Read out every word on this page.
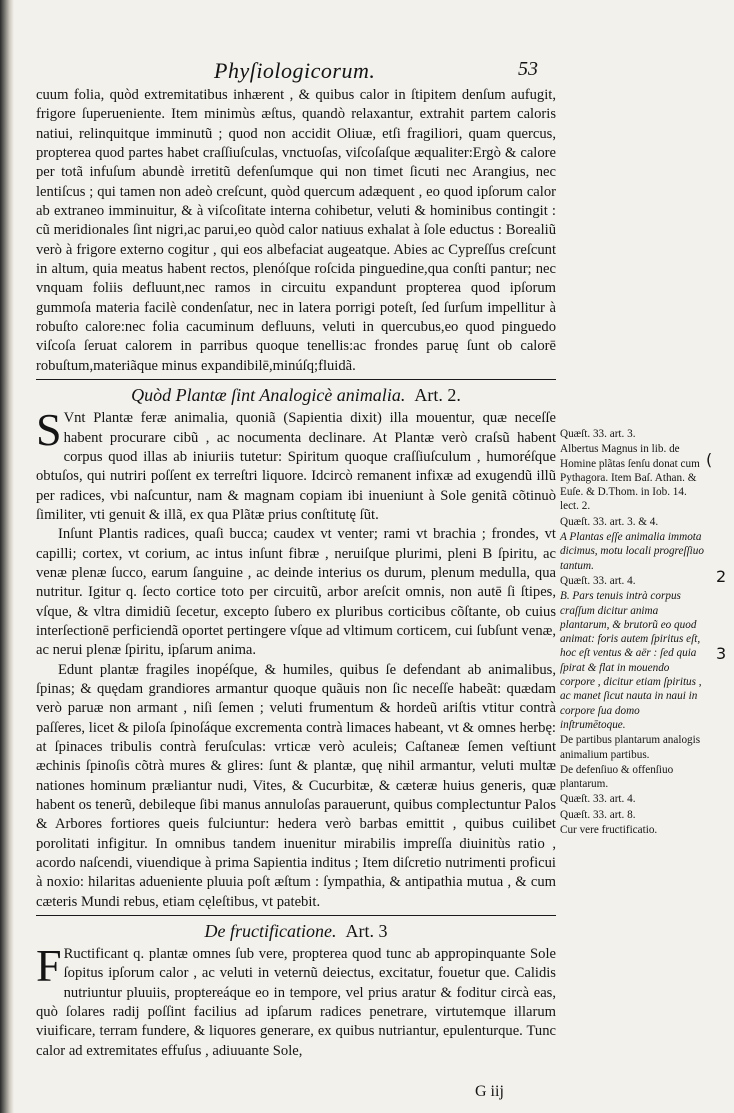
Phyſiologicorum.	53

cuum folia, quòd extremitatibus inhærent , & quibus calor in ſtipitem denſum aufugit, frigore ſuperueniente. Item minimùs æſtus, quandò relaxantur, extrahit partem caloris natiui, relinquitque imminutũ ; quod non accidit Oliuæ, etſi fragiliori, quam quercus, propterea quod partes habet craſſiuſculas, vnctuoſas, viſcoſaſque æqualiter:Ergò & calore per totã infuſum abundè irretitũ defenſumque qui non timet ſicuti nec Arangius, nec lentiſcus ; qui tamen non adeò creſcunt, quòd quercum adæquent , eo quod ipſorum calor ab extraneo imminuitur, & à viſcoſitate interna cohibetur, veluti & hominibus contingit : cũ meridionales ſint nigri,ac parui,eo quòd calor natiuus exhalat à ſole eductus : Borealiũ verò à frigore externo cogitur , qui eos albefaciat augeatque. Abies ac Cypreſſus creſcunt in altum, quia meatus habent rectos, plenóſque roſcida pinguedine,qua conſti pantur; nec vnquam foliis defluunt,nec ramos in circuitu expandunt propterea quod ipſorum gummoſa materia facilè condenſatur, nec in latera porrigi poteſt, ſed ſurſum impellitur à robuſto calore:nec folia cacuminum defluuns, veluti in quercubus,eo quod pinguedo viſcoſa ſeruat calorem in parribus quoque tenellis:ac frondes paruę ſunt ob calorē robuſtum,materiãque minus expandibilē,minúſq;fluidã.

Quòd Plantæ ſint Analogicè animalia. Art. 2.

S Vnt Plantæ feræ animalia, quoniã (Sapientia dixit) illa mouentur, quæ neceſſe habent procurare cibũ , ac nocumenta declinare. At Plantæ verò craſsũ habent corpus quod illas ab iniuriis tutetur: Spiritum quoque craſſiuſculum , humoréſque obtuſos, qui nutriri poſſent ex terreſtri liquore. Idcircò remanent infixæ ad exugendũ illũ per radices, vbi naſcuntur, nam & magnam copiam ibi inueniunt à Sole genitã cõtinuò ſimiliter, vti genuit & illã, ex qua Plãtæ prius conſtitutę ſũt.

Inſunt Plantis radices, quaſi bucca; caudex vt venter; rami vt brachia ; frondes, vt capilli; cortex, vt corium, ac intus inſunt fibræ , neruiſque plurimi, pleni B ſpiritu, ac venæ plenæ ſucco, earum ſanguine , ac deinde interius os durum, plenum medulla, qua nutritur. Igitur q. ſecto cortice toto per circuitũ, arbor areſcit omnis, non autē ſi ſtipes, vſque, & vltra dimidiũ ſecetur, excepto ſubero ex pluribus corticibus cõſtante, ob cuius interſectionē perficiendã oportet pertingere vſque ad vltimum corticem, cui ſubſunt venæ, ac nerui plenæ ſpiritu, ipſarum anima.

Edunt plantæ fragiles inopéſque, & humiles, quibus ſe defendant ab animalibus, ſpinas; & quędam grandiores armantur quoque quãuis non ſic neceſſe habeãt: quædam verò paruæ non armant , niſi ſemen ; veluti frumentum & hordeũ ariſtis vtitur contrà paſſeres, licet & piloſa ſpinoſáque excrementa contrà limaces habeant, vt & omnes herbę: at ſpinaces tribulis contrà feruſculas: vrticæ verò aculeis; Caſtaneæ ſemen veſtiunt æchinis ſpinoſis cõtrà mures & glires: ſunt & plantæ, quę nihil armantur, veluti multæ nationes hominum præliantur nudi, Vites, & Cucurbitæ, & cæteræ huius generis, quæ habent os tenerũ, debileque ſibi manus annuloſas parauerunt, quibus complectuntur Palos & Arbores fortiores queis fulciuntur: hedera verò barbas emittit , quibus cuilibet porolitati infigitur. In omnibus tandem inuenitur mirabilis impreſſa diuinitùs ratio , acordo naſcendi, viuendique à prima Sapientia inditus ; Item diſcretio nutrimenti proficui à noxio: hilaritas adueniente pluuia poſt æſtum : ſympathia, & antipathia mutua , & cum cæteris Mundi rebus, etiam cęleſtibus, vt patebit.

De fructificatione. Art. 3

F Ructificant q. plantæ omnes ſub vere, propterea quod tunc ab appropinquante Sole ſopitus ipſorum calor , ac veluti in veternũ deiectus, excitatur, fouetur que. Calidis nutriuntur pluuiis, proptereáque eo in tempore, vel prius aratur & foditur circà eas, quò ſolares radij poſſint facilius ad ipſarum radices penetrare, virtutemque illarum viuificare, terram fundere, & liquores generare, ex quibus nutriantur, epulenturque. Tunc calor ad extremitates effuſus , adiuuante Sole,

Quæſt. 33. art. 3.
Albertus Magnus in lib. de Homine plãtas ſenſu donat cum Pythagora. Item Baſ. Athan. & Euſe. & D.Thom. in Iob. 14. lect. 2.
Quæſt. 33. art. 3. & 4.
A Plantas eſſe animalia immota dicimus, motu locali progreſſiuo tantum.
Quæſt. 33. art. 4.
B. Pars tenuis intrà corpus craſſum dicitur anima plantarum, & brutorũ eo quod animat: foris autem ſpiritus eſt, hoc eſt ventus & aër : ſed quia ſpirat & flat in mouendo corpore , dicitur etiam ſpiritus , ac manet ſicut nauta in naui in corpore ſua domo inſtrumētoque.
De partibus plantarum analogis animalium partibus.
De defenſiuo & offenſiuo plantarum.
Quæſt. 33. art. 4.
Quæſt. 33. art. 8.
Cur vere fructificatio.
(
2
3
G iij
